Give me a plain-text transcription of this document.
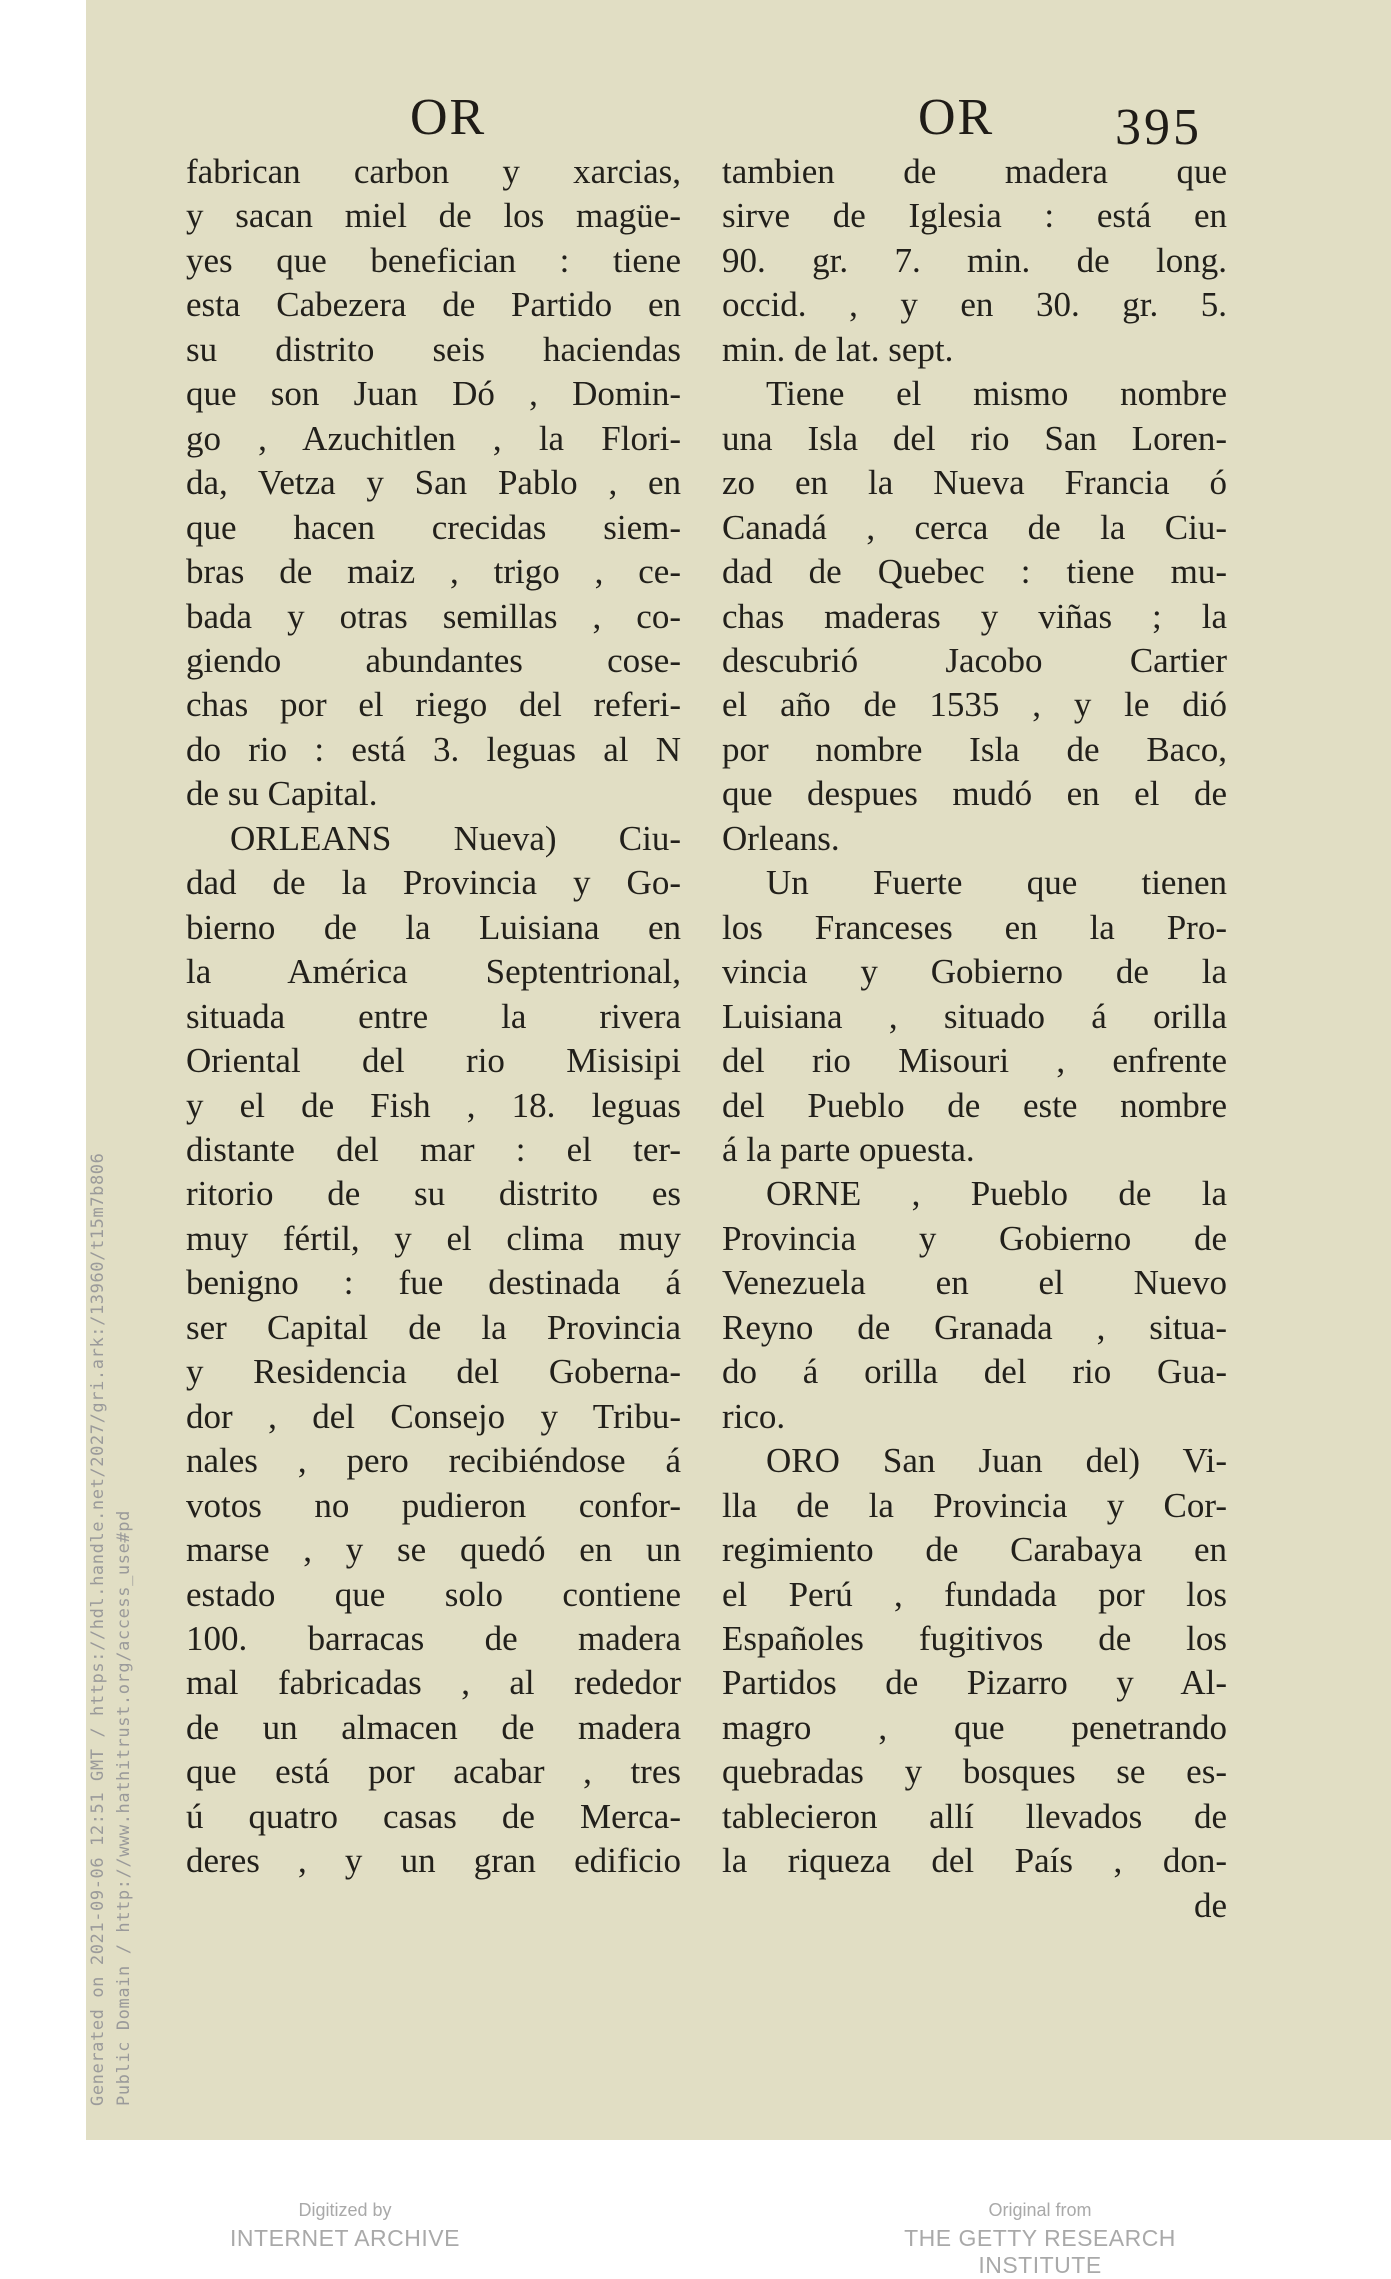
Generated on 2021-09-06 12:51 GMT / https://hdl.handle.net/2027/gri.ark:/13960/t15m7b806 Public Domain / http://www.hathitrust.org/access_use#pd
OR	OR 395
fabrican carbon y xarcias,
y sacan miel de los magüe-
yes que benefician : tiene
esta Cabezera de Partido en
su distrito seis haciendas
que son Juan Dó , Domin-
go , Azuchitlen , la Flori-
da, Vetza y San Pablo , en
que hacen crecidas siem-
bras de maiz , trigo , ce-
bada y otras semillas , co-
giendo abundantes cose-
chas por el riego del referi-
do rio : está 3. leguas al N
de su Capital.
ORLEANS Nueva) Ciu-
dad de la Provincia y Go-
bierno de la Luisiana en
la América Septentrional,
situada entre la rivera
Oriental del rio Misisipi
y el de Fish , 18. leguas
distante del mar : el ter-
ritorio de su distrito es
muy fértil, y el clima muy
benigno : fue destinada á
ser Capital de la Provincia
y Residencia del Goberna-
dor , del Consejo y Tribu-
nales , pero recibiéndose á
votos no pudieron confor-
marse , y se quedó en un
estado que solo contiene
100. barracas de madera
mal fabricadas , al rededor
de un almacen de madera
que está por acabar , tres
ú quatro casas de Merca-
deres , y un gran edificio
tambien de madera que
sirve de Iglesia : está en
90. gr. 7. min. de long.
occid. , y en 30. gr. 5.
min. de lat. sept.
Tiene el mismo nombre
una Isla del rio San Loren-
zo en la Nueva Francia ó
Canadá , cerca de la Ciu-
dad de Quebec : tiene mu-
chas maderas y viñas ; la
descubrió Jacobo Cartier
el año de 1535 , y le dió
por nombre Isla de Baco,
que despues mudó en el de
Orleans.
Un Fuerte que tienen
los Franceses en la Pro-
vincia y Gobierno de la
Luisiana , situado á orilla
del rio Misouri , enfrente
del Pueblo de este nombre
á la parte opuesta.
ORNE , Pueblo de la
Provincia y Gobierno de
Venezuela en el Nuevo
Reyno de Granada , situa-
do á orilla del rio Gua-
rico.
ORO San Juan del) Vi-
lla de la Provincia y Cor-
regimiento de Carabaya en
el Perú , fundada por los
Españoles fugitivos de los
Partidos de Pizarro y Al-
magro , que penetrando
quebradas y bosques se es-
tablecieron allí llevados de
la riqueza del País , don-
de
Digitized by
INTERNET ARCHIVE
Original from
THE GETTY RESEARCH INSTITUTE
